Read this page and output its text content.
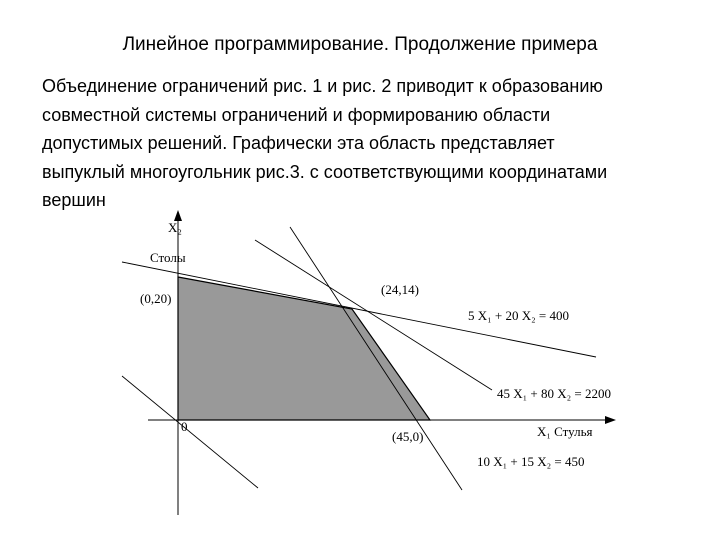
Линейное программирование. Продолжение примера
Объединение ограничений рис. 1 и рис. 2 приводит к образованию
совместной системы ограничений и формированию области
допустимых решений. Графически эта область представляет
выпуклый многоугольник рис.3. с соответствующими координатами
вершин
X₂
Столы
(0,20)
(24,14)
(45,0)
0	X₁ Стулья
5 X₁ + 20 X₂ = 400
45 X₁ + 80 X₂ = 2200
10 X₁ + 15 X₂ = 450
